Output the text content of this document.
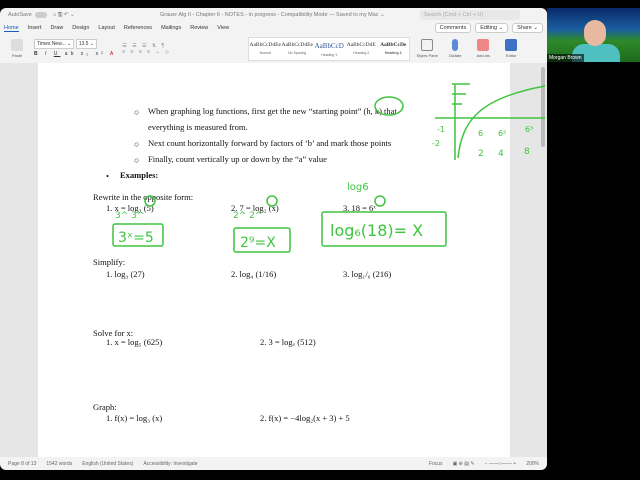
AutoSave	⌂ 🖫 ↶ ⌄	Grauer Alg II - Chapter 6 - NOTES - in progress - Compatibility Mode — Saved to my Mac ⌄	Search (Cmd + Ctrl + U)
Home Insert Draw Design Layout References Mailings Review View	Comments	Editing ⌄	Share ⌄
Paste
Times New... ⌄ 13.5 ⌄
B I U ab x₂ x² A
☰ ☰ ☰ ⇅ ¶
≡ ≡ ≡ ≡ ⌄ ◇
AaBbCcDdEe
Normal
AaBbCcDdEe
No Spacing
AaBbCcD
Heading 1
AaBbCcDdE
Heading 2
AaBbCcDe
Heading 3
Styles Pane	Dictate	Add-ins	Editor
○ When graphing log functions, first get the new “starting point” (h, k) that
everything is measured from.
○ Next count horizontally forward by factors of ‘b’ and mark those points
○ Finally, count vertically up or down by the “a” value
• Examples:
Rewrite in the opposite form:
1. x = log₃ (5)	2. 7 = log₂ (x)	3. 18 = 6ˣ
Simplify:
1. log₃ (27)	2. log₄ (1/16)	3. log₁/₆ (216)
Solve for x:
1. x = log₅ (625)	2. 3 = logₓ (512)
Graph:
1. f(x) = log₃ (x)	2. f(x) = −4log₂(x + 3) + 5
Page 8 of 13 1542 words English (United States) Accessibility: Investigate	Focus ▣ ⊕ ▤ ✎ − ——○—— + 200%
3^ 3^
3ˣ=5
2^ 2^
2⁹=X
log6
log₆(18)= X
-1
-2
6 6² 6³
2 4 8
Morgan Brown
